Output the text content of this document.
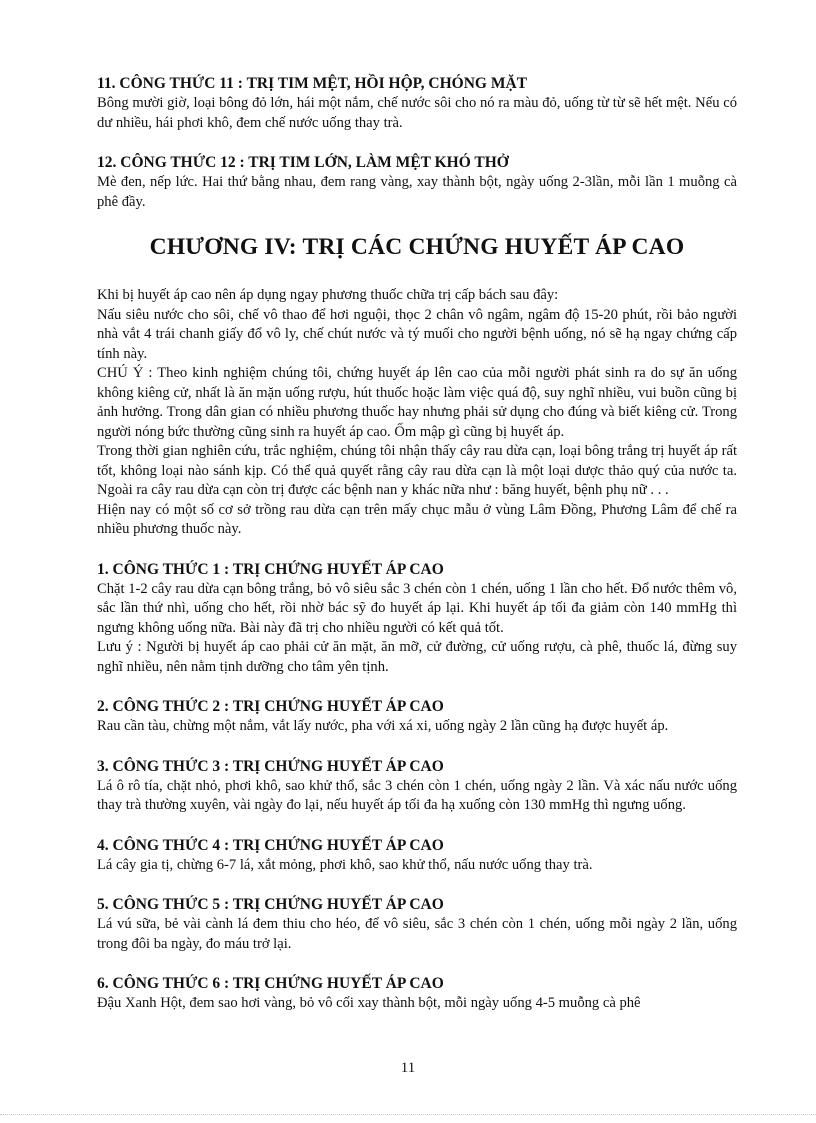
11. CÔNG THỨC 11 : TRỊ TIM MỆT, HỒI HỘP, CHÓNG MẶT

Bông mười giờ, loại bông đỏ lớn, hái một nắm, chế nước sôi cho nó ra màu đỏ, uống từ từ sẽ hết mệt. Nếu có dư nhiều, hái phơi khô, đem chế nước uống thay trà.

12. CÔNG THỨC 12 : TRỊ TIM LỚN, LÀM MỆT KHÓ THỞ

Mè đen, nếp lức. Hai thứ bằng nhau, đem rang vàng, xay thành bột, ngày uống 2-3lần, mỗi lần 1 muỗng cà phê đầy.

CHƯƠNG IV: TRỊ CÁC CHỨNG HUYẾT ÁP CAO

Khi bị huyết áp cao nên áp dụng ngay phương thuốc chữa trị cấp bách sau đây:

Nấu siêu nước cho sôi, chế vô thao để hơi nguội, thọc 2 chân vô ngâm, ngâm độ 15-20 phút, rồi bảo người nhà vắt 4 trái chanh giấy đổ vô ly, chế chút nước và tý muối cho người bệnh uống, nó sẽ hạ ngay chứng cấp tính này.

CHÚ Ý : Theo kinh nghiệm chúng tôi, chứng huyết áp lên cao của mỗi người phát sinh ra do sự ăn uống không kiêng cử, nhất là ăn mặn uống rượu, hút thuốc hoặc làm việc quá độ, suy nghĩ nhiều, vui buồn cũng bị ảnh hưởng. Trong dân gian có nhiều phương thuốc hay nhưng phải sử dụng cho đúng và biết kiêng cử. Trong người nóng bức thường cũng sinh ra huyết áp cao. Ốm mập gì cũng bị huyết áp.

Trong thời gian nghiên cứu, trắc nghiệm, chúng tôi nhận thấy cây rau dừa cạn, loại bông trắng trị huyết áp rất tốt, không loại nào sánh kịp. Có thể quả quyết rằng cây rau dừa cạn là một loại dược thảo quý của nước ta. Ngoài ra cây rau dừa cạn còn trị được các bệnh nan y khác nữa như : băng huyết, bệnh phụ nữ . . .

Hiện nay có một số cơ sở trồng rau dừa cạn trên mấy chục mẫu ở vùng Lâm Đồng, Phương Lâm để chế ra nhiều phương thuốc này.

1. CÔNG THỨC 1 : TRỊ CHỨNG HUYẾT ÁP CAO

Chặt 1-2 cây rau dừa cạn bông trắng, bỏ vô siêu sắc 3 chén còn 1 chén, uống 1 lần cho hết. Đổ nước thêm vô, sắc lần thứ nhì, uống cho hết, rồi nhờ bác sỹ đo huyết áp lại. Khi huyết áp tối đa giảm còn 140 mmHg thì ngưng không uống nữa. Bài này đã trị cho nhiều người có kết quả tốt.

Lưu ý : Người bị huyết áp cao phải cử ăn mặt, ăn mỡ, cử đường, cử uống rượu, cà phê, thuốc lá, đừng suy nghĩ nhiều, nên nằm tịnh dưỡng cho tâm yên tịnh.

2. CÔNG THỨC 2 : TRỊ CHỨNG HUYẾT ÁP CAO

Rau cần tàu, chừng một nắm, vắt lấy nước, pha với xá xi, uống ngày 2 lần cũng hạ được huyết áp.

3. CÔNG THỨC 3 : TRỊ CHỨNG HUYẾT ÁP CAO

Lá ô rô tía, chặt nhỏ, phơi khô, sao khử thổ, sắc 3 chén còn 1 chén, uống ngày 2 lần. Và xác nấu nước uống thay trà thường xuyên, vài ngày đo lại, nếu huyết áp tối đa hạ xuống còn 130 mmHg thì ngưng uống.

4. CÔNG THỨC 4 : TRỊ CHỨNG HUYẾT ÁP CAO

Lá cây gia tị, chừng 6-7 lá, xắt mỏng, phơi khô, sao khử thổ, nấu nước uống thay trà.

5. CÔNG THỨC 5 : TRỊ CHỨNG HUYẾT ÁP CAO

Lá vú sữa, bẻ vài cành lá đem thiu cho héo, để vô siêu, sắc 3 chén còn 1 chén, uống mỗi ngày 2 lần, uống trong đôi ba ngày, đo máu trở lại.

6. CÔNG THỨC 6 : TRỊ CHỨNG HUYẾT ÁP CAO

Đậu Xanh Hột, đem sao hơi vàng, bỏ vô cối xay thành bột, mỗi ngày uống 4-5 muỗng cà phê

11
